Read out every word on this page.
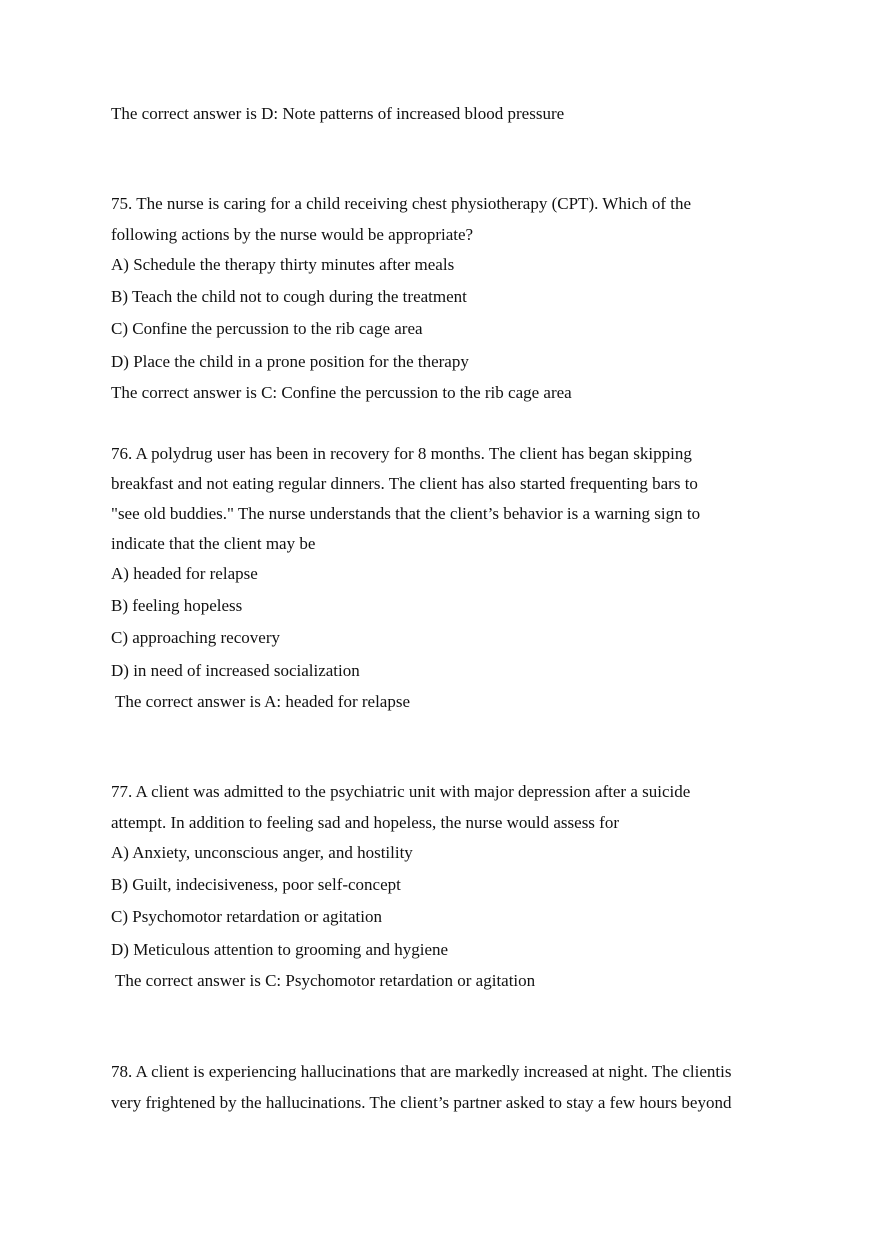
The correct answer is D: Note patterns of increased blood pressure
75. The nurse is caring for a child receiving chest physiotherapy (CPT). Which of the
following actions by the nurse would be appropriate?
A) Schedule the therapy thirty minutes after meals
B) Teach the child not to cough during the treatment
C) Confine the percussion to the rib cage area
D) Place the child in a prone position for the therapy
The correct answer is C: Confine the percussion to the rib cage area
76. A polydrug user has been in recovery for 8 months. The client has began skipping
breakfast and not eating regular dinners. The client has also started frequenting bars to
"see old buddies." The nurse understands that the client’s behavior is a warning sign to
indicate that the client may be
A) headed for relapse
B) feeling hopeless
C) approaching recovery
D) in need of increased socialization
The correct answer is A: headed for relapse
77. A client was admitted to the psychiatric unit with major depression after a suicide
attempt. In addition to feeling sad and hopeless, the nurse would assess for
A) Anxiety, unconscious anger, and hostility
B) Guilt, indecisiveness, poor self-concept
C) Psychomotor retardation or agitation
D) Meticulous attention to grooming and hygiene
The correct answer is C: Psychomotor retardation or agitation
78. A client is experiencing hallucinations that are markedly increased at night. The clientis
very frightened by the hallucinations. The client’s partner asked to stay a few hours beyond
